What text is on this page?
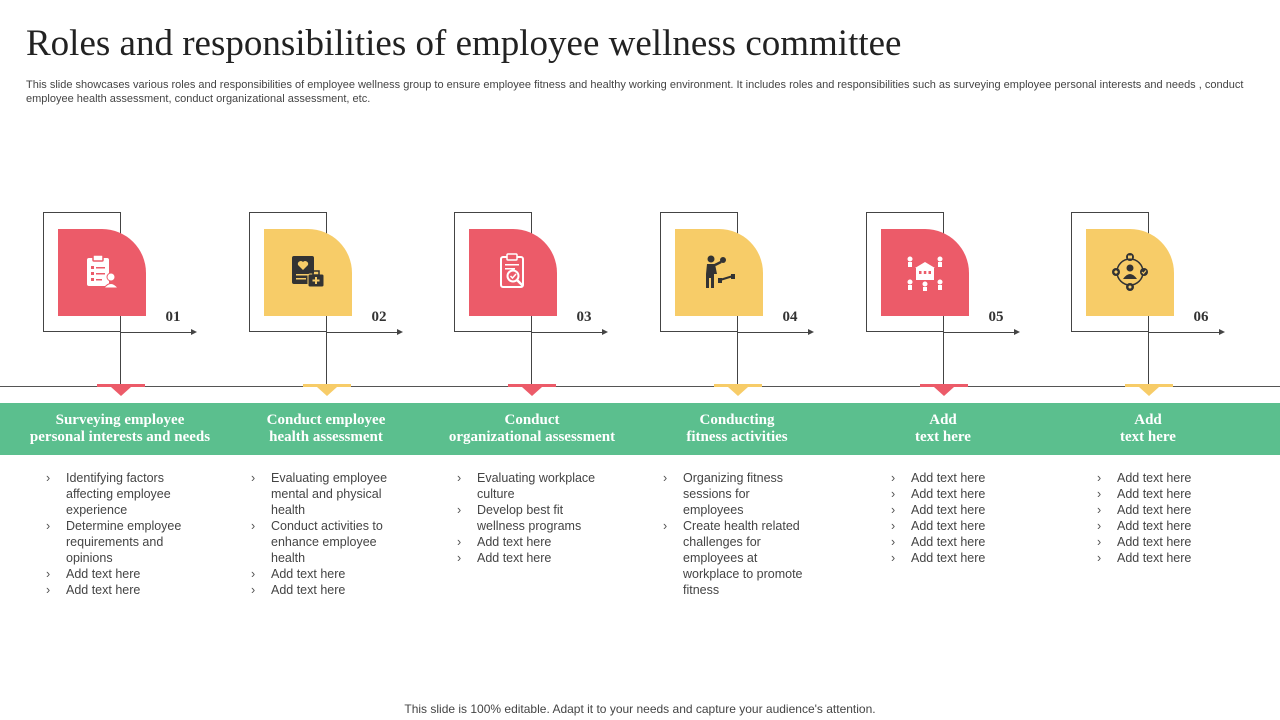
Roles and responsibilities of employee wellness committee
This slide showcases various roles and responsibilities of employee wellness group to ensure employee fitness and healthy working environment. It includes roles and responsibilities such as surveying employee personal interests and needs , conduct employee health assessment, conduct organizational assessment, etc.
01
Surveying employee
personal interests and needs
› Identifying factors affecting employee experience
› Determine employee requirements and opinions
› Add text here
› Add text here
02
Conduct employee
health assessment
› Evaluating employee mental and physical health
› Conduct activities to enhance employee health
› Add text here
› Add text here
03
Conduct
organizational assessment
› Evaluating workplace culture
› Develop best fit wellness programs
› Add text here
› Add text here
04
Conducting
fitness activities
› Organizing fitness sessions for employees
› Create health related challenges for employees at workplace to promote fitness
05
Add
text here
› Add text here
› Add text here
› Add text here
› Add text here
› Add text here
› Add text here
06
Add
text here
› Add text here
› Add text here
› Add text here
› Add text here
› Add text here
› Add text here
This slide is 100% editable. Adapt it to your needs and capture your audience's attention.
